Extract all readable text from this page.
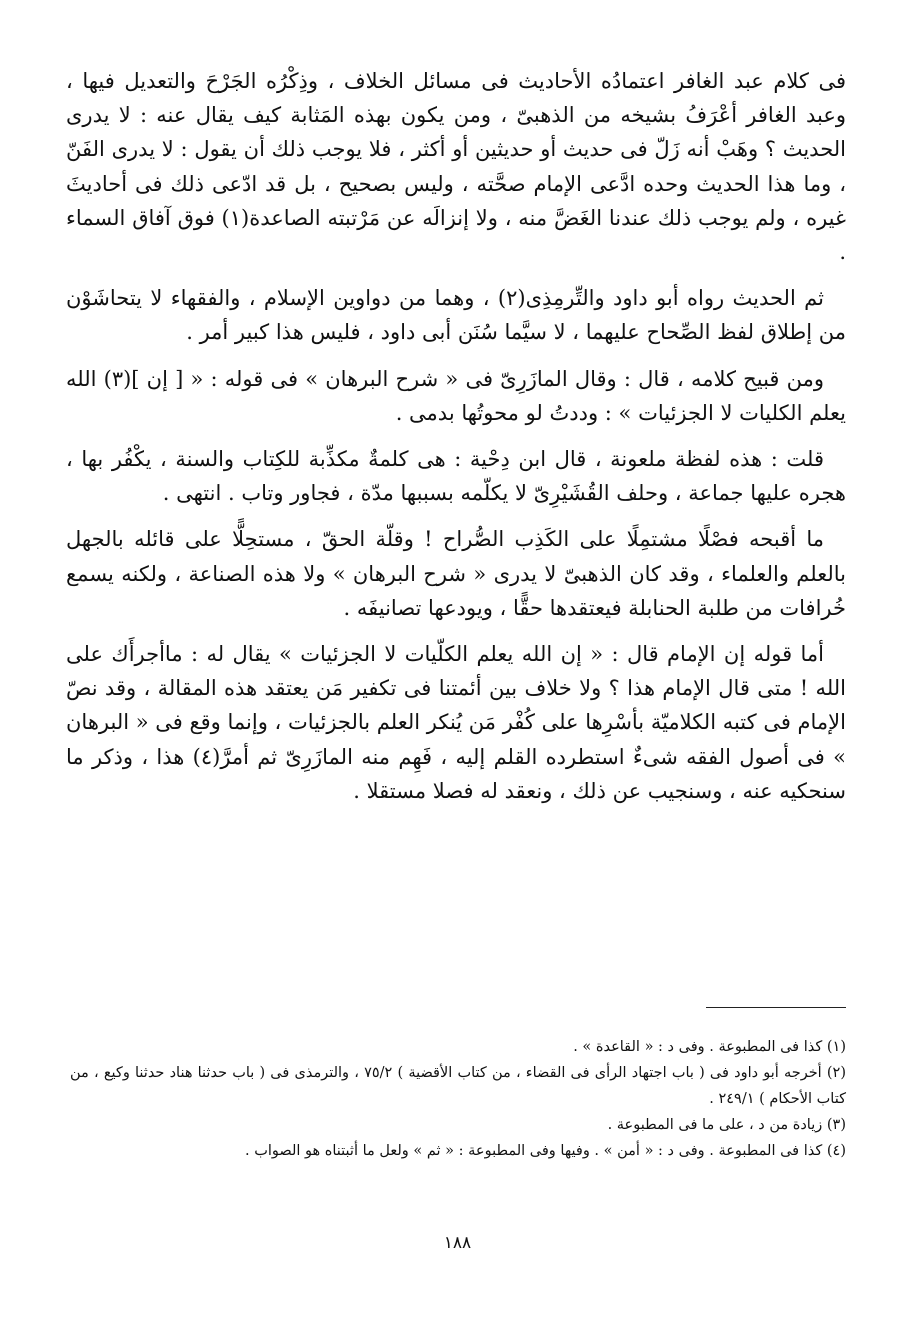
فى كلام عبد الغافر اعتمادُه الأحاديث فى مسائل الخلاف ، وذِكْرُه الجَرْحَ والتعديل فيها ، وعبد الغافر أعْرَفُ بشيخه من الذهبىّ ، ومن يكون بهذه المَثابة كيف يقال عنه : لا يدرى الحديث ؟ وهَبْ أنه زَلّ فى حديث أو حديثين أو أكثر ، فلا يوجب ذلك أن يقول : لا يدرى الفَنّ ، وما هذا الحديث وحده ادَّعى الإمام صحَّته ، وليس بصحيح ، بل قد ادّعى ذلك فى أحاديثَ غيره ، ولم يوجب ذلك عندنا الغَضَّ منه ، ولا إنزالَه عن مَرْتبته الصاعدة(١) فوق آفاق السماء .

ثم الحديث رواه أبو داود والتِّرمِذِى(٢) ، وهما من دواوين الإسلام ، والفقهاء لا يتحاشَوْن من إطلاق لفظ الصِّحاح عليهما ، لا سيَّما سُنَن أبى داود ، فليس هذا كبير أمر .

ومن قبيح كلامه ، قال : وقال المازَرِىّ فى « شرح البرهان » فى قوله : « [ إن ](٣) الله يعلم الكليات لا الجزئيات » : وددتُ لو محوتُها بدمى .

قلت : هذه لفظة ملعونة ، قال ابن دِحْية : هى كلمةٌ مكذِّبة للكِتاب والسنة ، يكْفُر بها ، هجره عليها جماعة ، وحلف القُشَيْرِىّ لا يكلّمه بسببها مدّة ، فجاور وتاب . انتهى .

ما أقبحه فصْلًا مشتمِلًا على الكَذِب الصُّراح ! وقلّة الحقّ ، مستحِلًّا على قائله بالجهل بالعلم والعلماء ، وقد كان الذهبىّ لا يدرى « شرح البرهان » ولا هذه الصناعة ، ولكنه يسمع خُرافات من طلبة الحنابلة فيعتقدها حقًّا ، ويودعها تصانيفَه .

أما قوله إن الإمام قال : « إن الله يعلم الكلّيات لا الجزئيات » يقال له : ماأجرأَك على الله ! متى قال الإمام هذا ؟ ولا خلاف بين أئمتنا فى تكفير مَن يعتقد هذه المقالة ، وقد نصّ الإمام فى كتبه الكلاميّة بأسْرِها على كُفْر مَن يُنكر العلم بالجزئيات ، وإنما وقع فى « البرهان » فى أصول الفقه شىءٌ استطرده القلم إليه ، فَهِم منه المازَرِىّ ثم أمرَّ(٤) هذا ، وذكر ما سنحكيه عنه ، وسنجيب عن ذلك ، ونعقد له فصلا مستقلا .

(١) كذا فى المطبوعة . وفى د : « القاعدة » .
(٢) أخرجه أبو داود فى ( باب اجتهاد الرأى فى القضاء ، من كتاب الأقضية ) ٧٥/٢ ، والترمذى فى ( باب حدثنا هناد حدثنا وكيع ، من كتاب الأحكام ) ٢٤٩/١ .
(٣) زيادة من د ، على ما فى المطبوعة .
(٤) كذا فى المطبوعة . وفى د : « أمن » . وفيها وفى المطبوعة : « ثم » ولعل ما أثبتناه هو الصواب .
١٨٨
